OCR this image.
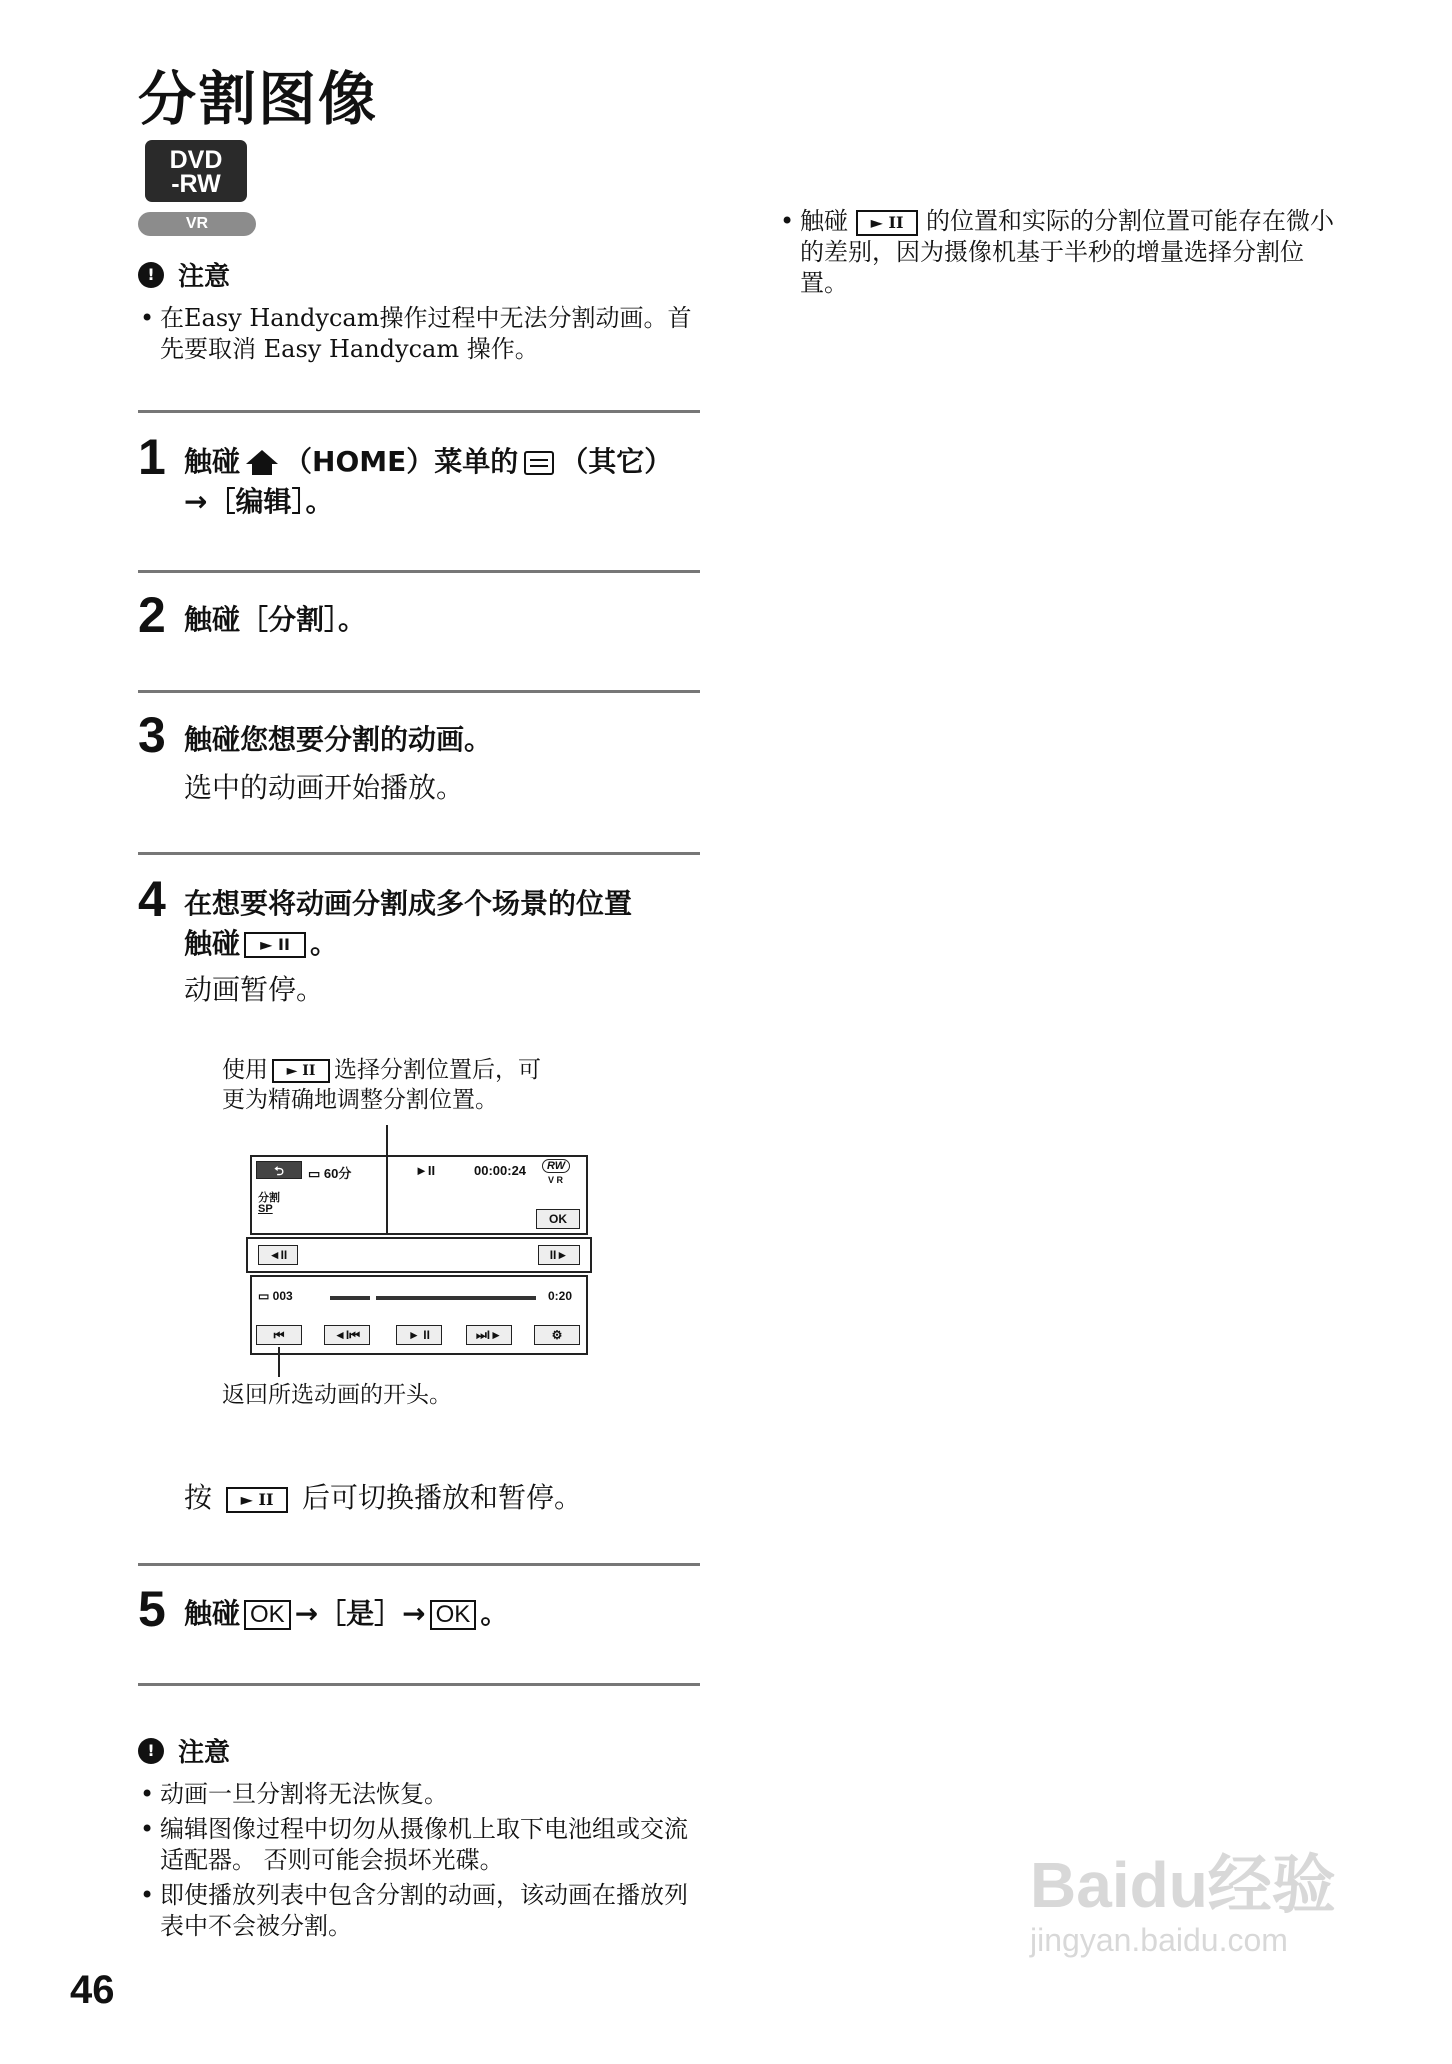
分割图像
DVD
-RW
VR
! 注意
• 在Easy Handycam操作过程中无法分割动画。首先要取消 Easy Handycam 操作。
1 触碰 （HOME）菜单的 （其它）
→［编辑］。
2 触碰［分割］。
3 触碰您想要分割的动画。
选中的动画开始播放。
4 在想要将动画分割成多个场景的位置
触碰 ► II 。
动画暂停。
使用 ► II 选择分割位置后，可
更为精确地调整分割位置。
⮌	▭ 60分
分割
SP
►II	00:00:24	RW
V R
OK
◄II	II►
▭ 003	0:20
⏮	◄I⏮	► II	⏭I►	⚙
返回所选动画的开头。
按 ► II 后可切换播放和暂停。
5 触碰 OK →［是］→ OK 。
! 注意
• 动画一旦分割将无法恢复。
• 编辑图像过程中切勿从摄像机上取下电池组或交流适配器。 否则可能会损坏光碟。
• 即使播放列表中包含分割的动画，该动画在播放列表中不会被分割。
• 触碰 ► II 的位置和实际的分割位置可能存在微小的差别，因为摄像机基于半秒的增量选择分割位置。
46
Baidu经验
jingyan.baidu.com
